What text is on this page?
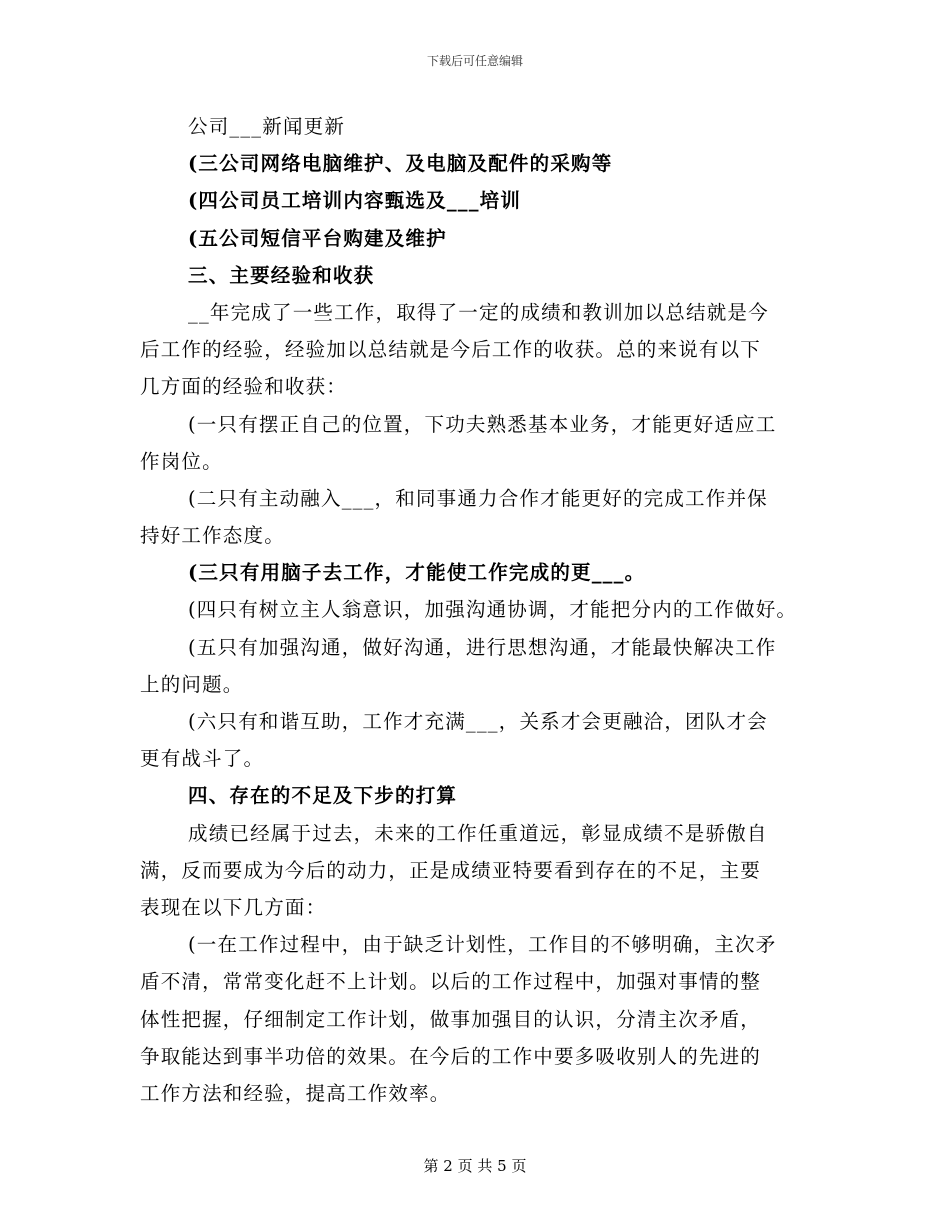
下载后可任意编辑
公司___新闻更新
(三公司网络电脑维护、及电脑及配件的采购等
(四公司员工培训内容甄选及___培训
(五公司短信平台购建及维护
三、主要经验和收获
__年完成了一些工作，取得了一定的成绩和教训加以总结就是今
后工作的经验，经验加以总结就是今后工作的收获。总的来说有以下
几方面的经验和收获：
(一只有摆正自己的位置，下功夫熟悉基本业务，才能更好适应工
作岗位。
(二只有主动融入___，和同事通力合作才能更好的完成工作并保
持好工作态度。
(三只有用脑子去工作，才能使工作完成的更___。
(四只有树立主人翁意识，加强沟通协调，才能把分内的工作做好。
(五只有加强沟通，做好沟通，进行思想沟通，才能最快解决工作
上的问题。
(六只有和谐互助，工作才充满___，关系才会更融洽，团队才会
更有战斗了。
四、存在的不足及下步的打算
成绩已经属于过去，未来的工作任重道远，彰显成绩不是骄傲自
满，反而要成为今后的动力，正是成绩亚特要看到存在的不足，主要
表现在以下几方面：
(一在工作过程中，由于缺乏计划性，工作目的不够明确，主次矛
盾不清，常常变化赶不上计划。以后的工作过程中，加强对事情的整
体性把握，仔细制定工作计划，做事加强目的认识，分清主次矛盾，
争取能达到事半功倍的效果。在今后的工作中要多吸收别人的先进的
工作方法和经验，提高工作效率。
第 2 页 共 5 页
